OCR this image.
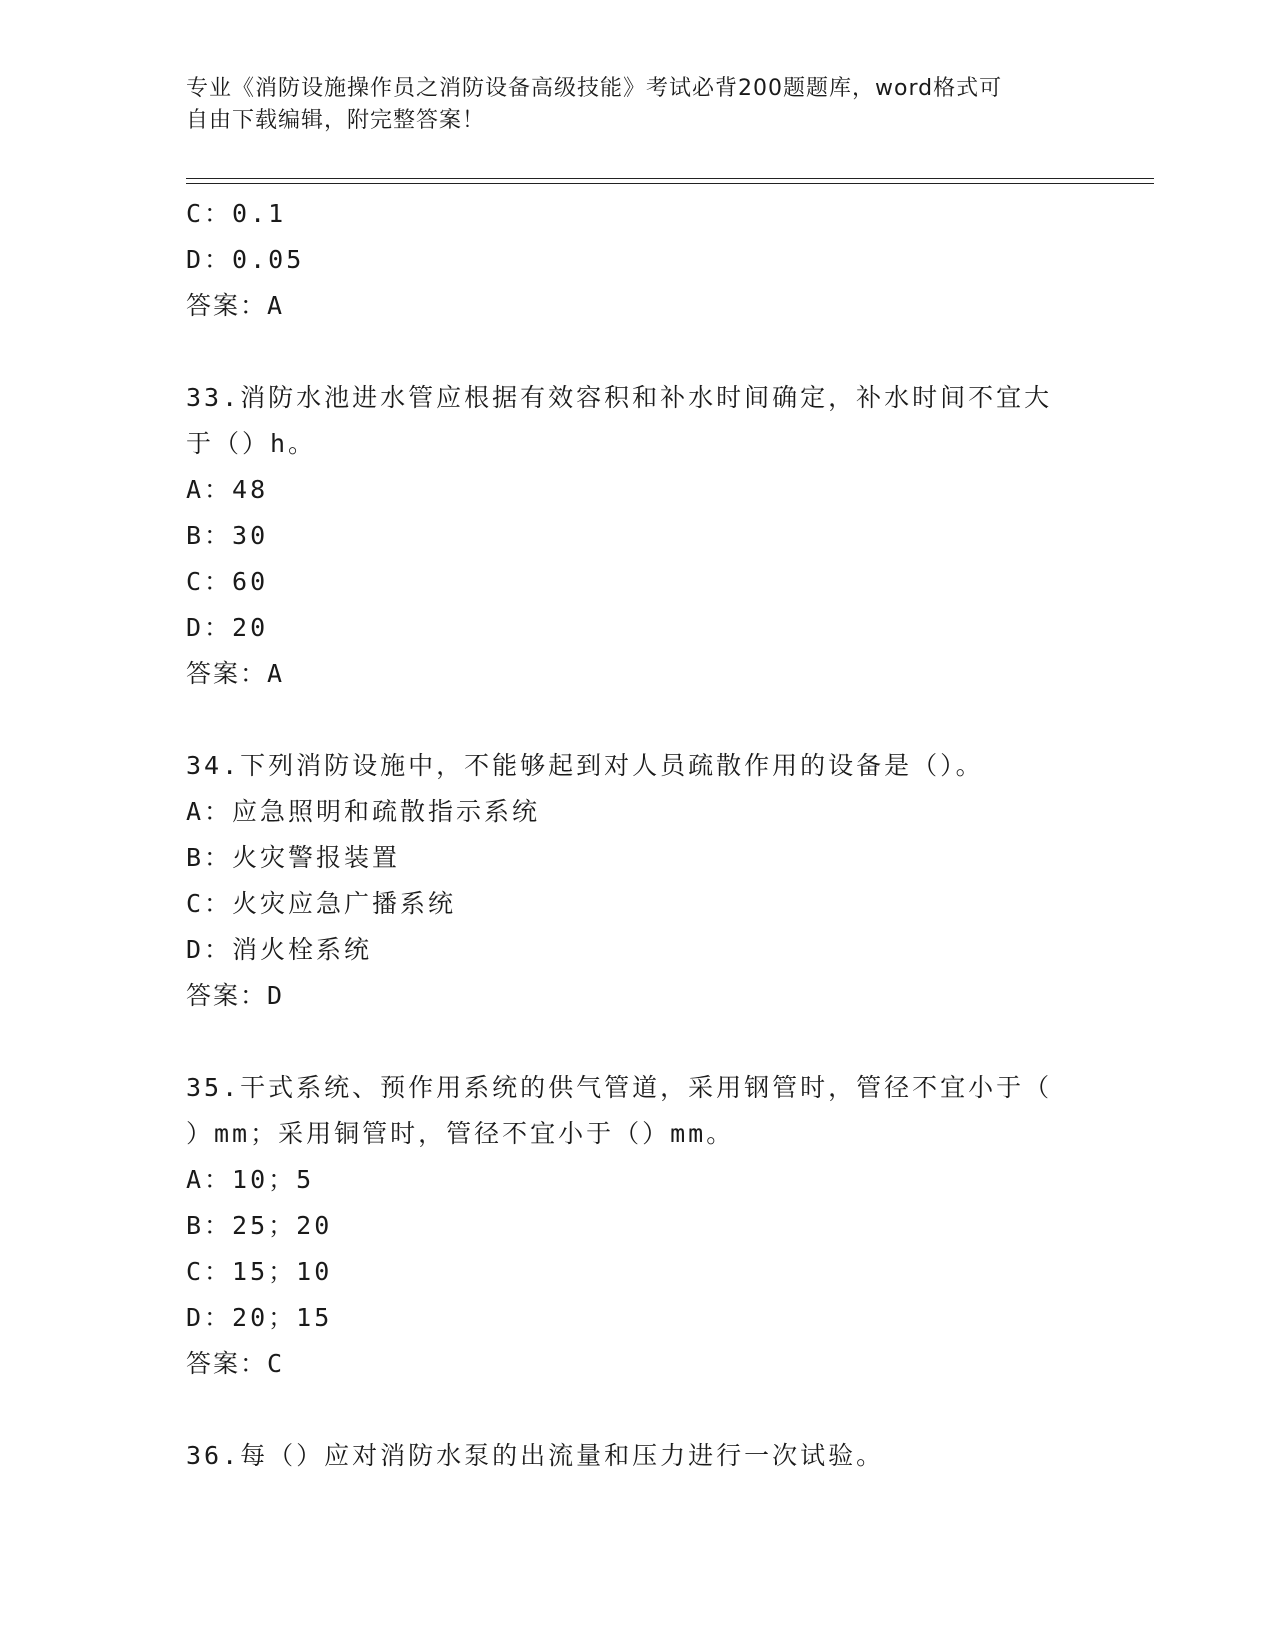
专业《消防设施操作员之消防设备高级技能》考试必背200题题库，word格式可
自由下载编辑，附完整答案！
C：0.1
D：0.05
答案：A
33.消防水池进水管应根据有效容积和补水时间确定，补水时间不宜大
于（）h。
A：48
B：30
C：60
D：20
答案：A
34.下列消防设施中，不能够起到对人员疏散作用的设备是（）。
A：应急照明和疏散指示系统
B：火灾警报装置
C：火灾应急广播系统
D：消火栓系统
答案：D
35.干式系统、预作用系统的供气管道，采用钢管时，管径不宜小于（
）mm；采用铜管时，管径不宜小于（）mm。
A：10；5
B：25；20
C：15；10
D：20；15
答案：C
36.每（）应对消防水泵的出流量和压力进行一次试验。
